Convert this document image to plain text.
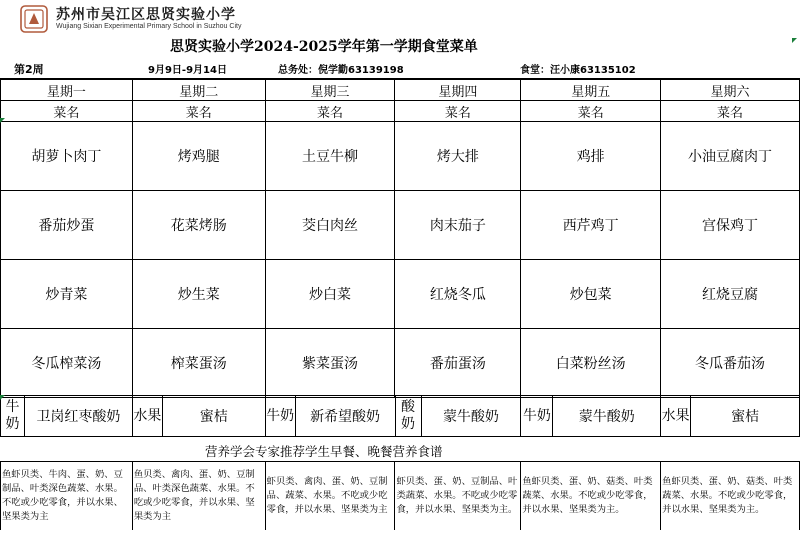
苏州市吴江区思贤实验小学
Wujiang Sixian Experimental Primary School in Suzhou City
思贤实验小学2024-2025学年第一学期食堂菜单
第2周	9月9日-9月14日	总务处：倪学勤63139198	食堂：汪小康63135102
星期一	星期二	星期三	星期四	星期五	星期六
菜名	菜名	菜名	菜名	菜名	菜名
胡萝卜肉丁	烤鸡腿	土豆牛柳	烤大排	鸡排	小油豆腐肉丁
番茄炒蛋	花菜烤肠	茭白肉丝	肉末茄子	西芹鸡丁	宫保鸡丁
炒青菜	炒生菜	炒白菜	红烧冬瓜	炒包菜	红烧豆腐
冬瓜榨菜汤	榨菜蛋汤	紫菜蛋汤	番茄蛋汤	白菜粉丝汤	冬瓜番茄汤
牛奶	卫岗红枣酸奶	水果	蜜桔	牛奶	新希望酸奶	酸奶	蒙牛酸奶	牛奶	蒙牛酸奶	水果	蜜桔
营养学会专家推荐学生早餐、晚餐营养食谱
鱼虾贝类、牛肉、蛋、奶、豆制品、叶类深色蔬菜、水果。不吃或少吃零食，并以水果、坚果类为主	鱼贝类、禽肉、蛋、奶、豆制品、叶类深色蔬菜、水果。不吃或少吃零食，并以水果、坚果类为主	虾贝类、禽肉、蛋、奶、豆制品、蔬菜、水果。不吃或少吃零食，并以水果、坚果类为主	虾贝类、蛋、奶、豆制品、叶类蔬菜、水果。不吃或少吃零食，并以水果、坚果类为主。	鱼虾贝类、蛋、奶、菇类、叶类蔬菜、水果。不吃或少吃零食，并以水果、坚果类为主。	鱼虾贝类、蛋、奶、菇类、叶类蔬菜、水果。不吃或少吃零食，并以水果、坚果类为主。
